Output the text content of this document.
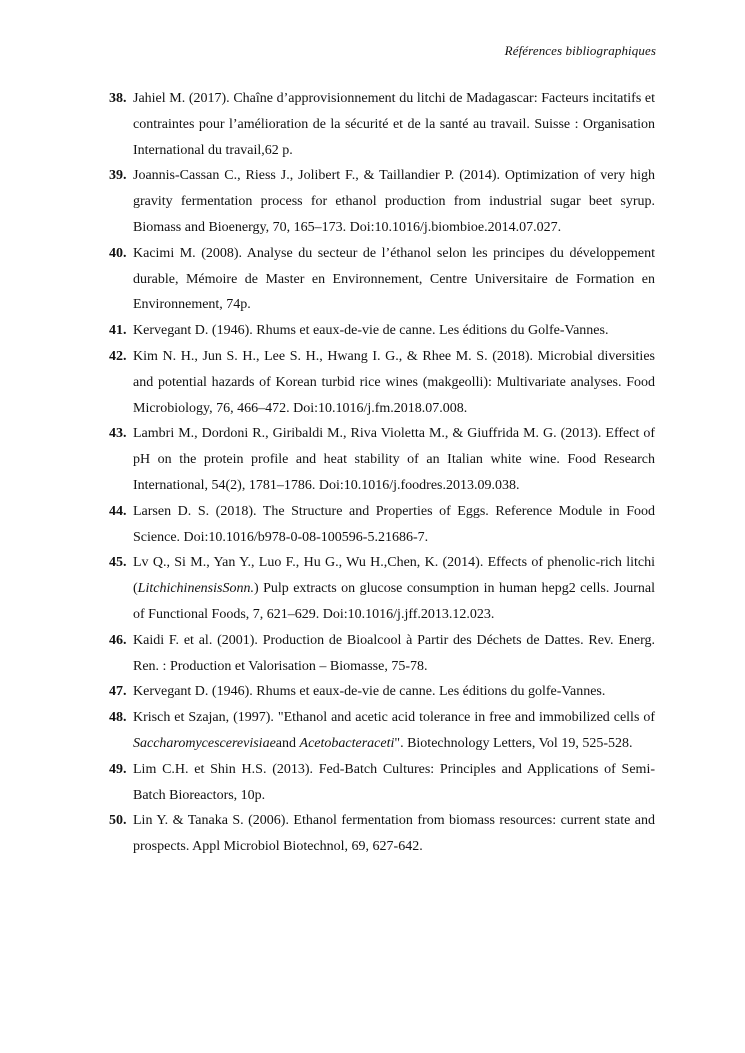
Références bibliographiques
38. Jahiel M. (2017). Chaîne d’approvisionnement du litchi de Madagascar: Facteurs incitatifs et contraintes pour l’amélioration de la sécurité et de la santé au travail. Suisse : Organisation International du travail,62 p.
39. Joannis-Cassan C., Riess J., Jolibert F., & Taillandier P. (2014). Optimization of very high gravity fermentation process for ethanol production from industrial sugar beet syrup. Biomass and Bioenergy, 70, 165–173. Doi:10.1016/j.biombioe.2014.07.027.
40. Kacimi M. (2008). Analyse du secteur de l’éthanol selon les principes du développement durable, Mémoire de Master en Environnement, Centre Universitaire de Formation en Environnement, 74p.
41. Kervegant D. (1946). Rhums et eaux-de-vie de canne. Les éditions du Golfe-Vannes.
42. Kim N. H., Jun S. H., Lee S. H., Hwang I. G., & Rhee M. S. (2018). Microbial diversities and potential hazards of Korean turbid rice wines (makgeolli): Multivariate analyses. Food Microbiology, 76, 466–472. Doi:10.1016/j.fm.2018.07.008.
43. Lambri M., Dordoni R., Giribaldi M., Riva Violetta M., & Giuffrida M. G. (2013). Effect of pH on the protein profile and heat stability of an Italian white wine. Food Research International, 54(2), 1781–1786. Doi:10.1016/j.foodres.2013.09.038.
44. Larsen D. S. (2018). The Structure and Properties of Eggs. Reference Module in Food Science. Doi:10.1016/b978-0-08-100596-5.21686-7.
45. Lv Q., Si M., Yan Y., Luo F., Hu G., Wu H.,Chen, K. (2014). Effects of phenolic-rich litchi (LitchichinensisSonn.) Pulp extracts on glucose consumption in human hepg2 cells. Journal of Functional Foods, 7, 621–629. Doi:10.1016/j.jff.2013.12.023.
46. Kaidi F. et al. (2001). Production de Bioalcool à Partir des Déchets de Dattes. Rev. Energ. Ren. : Production et Valorisation – Biomasse, 75-78.
47. Kervegant D. (1946). Rhums et eaux-de-vie de canne. Les éditions du golfe-Vannes.
48. Krisch et Szajan, (1997). "Ethanol and acetic acid tolerance in free and immobilized cells of Saccharomycescerevisiaeand Acetobacteraceti". Biotechnology Letters, Vol 19, 525-528.
49. Lim C.H. et Shin H.S. (2013). Fed-Batch Cultures: Principles and Applications of Semi-Batch Bioreactors, 10p.
50. Lin Y. & Tanaka S. (2006). Ethanol fermentation from biomass resources: current state and prospects. Appl Microbiol Biotechnol, 69, 627-642.
